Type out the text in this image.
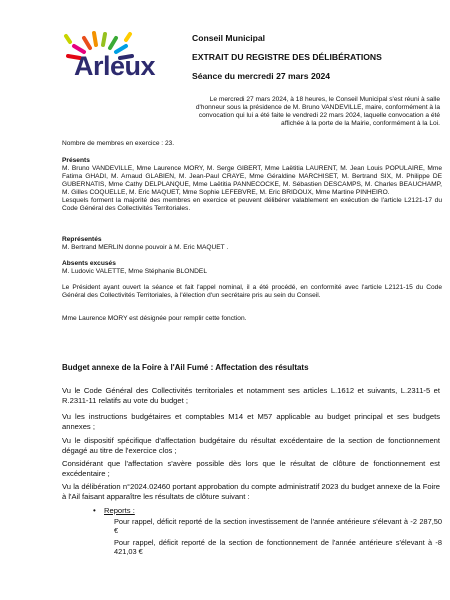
Arleux
Conseil Municipal
EXTRAIT DU REGISTRE DES DÉLIBÉRATIONS
Séance du mercredi 27 mars 2024
Le mercredi 27 mars 2024, à 18 heures, le Conseil Municipal s'est réuni à salle d'honneur sous la présidence de M. Bruno VANDEVILLE, maire, conformément à la convocation qui lui a été faite le vendredi 22 mars 2024, laquelle convocation a été affichée à la porte de la Mairie, conformément à la Loi.
Nombre de membres en exercice : 23.
Présents
M. Bruno VANDEVILLE, Mme Laurence MORY, M. Serge GIBERT, Mme Laëtitia LAURENT, M. Jean Louis POPULAIRE, Mme Fatima GHADI, M. Arnaud GLABIEN, M. Jean-Paul CRAYE, Mme Géraldine MARCHISET, M. Bertrand SIX, M. Philippe DE GUBERNATIS, Mme Cathy DELPLANQUE, Mme Laëtitia PANNECOCKE, M. Sébastien DESCAMPS, M. Charles BEAUCHAMP, M. Gilles COQUELLE, M. Eric MAQUET, Mme Sophie LEFEBVRE, M. Eric BRIDOUX, Mme Martine PINHEIRO.
Lesquels forment la majorité des membres en exercice et peuvent délibérer valablement en exécution de l'article L2121-17 du Code Général des Collectivités Territoriales.
Représentés
M. Bertrand MERLIN donne pouvoir à M. Eric MAQUET .
Absents excusés
M. Ludovic VALETTE, Mme Stéphanie BLONDEL
Le Président ayant ouvert la séance et fait l'appel nominal, il a été procédé, en conformité avec l'article L2121-15 du Code Général des Collectivités Territoriales, à l'élection d'un secrétaire pris au sein du Conseil.
Mme Laurence MORY est désignée pour remplir cette fonction.
Budget annexe de la Foire à l'Ail Fumé : Affectation des résultats
Vu le Code Général des Collectivités territoriales et notamment ses articles L.1612 et suivants, L.2311-5 et R.2311-11 relatifs au vote du budget ;
Vu les instructions budgétaires et comptables M14 et M57 applicable au budget principal et ses budgets annexes ;
Vu le dispositif spécifique d'affectation budgétaire du résultat excédentaire de la section de fonctionnement dégagé au titre de l'exercice clos ;
Considérant que l'affectation s'avère possible dès lors que le résultat de clôture de fonctionnement est excédentaire ;
• Reports :
Pour rappel, déficit reporté de la section investissement de l'année antérieure s'élevant à -2 287,50 €
Pour rappel, déficit reporté de la section de fonctionnement de l'année antérieure s'élevant à -8 421,03 €
Vu la délibération n°2024.02460 portant approbation du compte administratif 2023 du budget annexe de la Foire à l'Ail faisant apparaître les résultats de clôture suivant :
